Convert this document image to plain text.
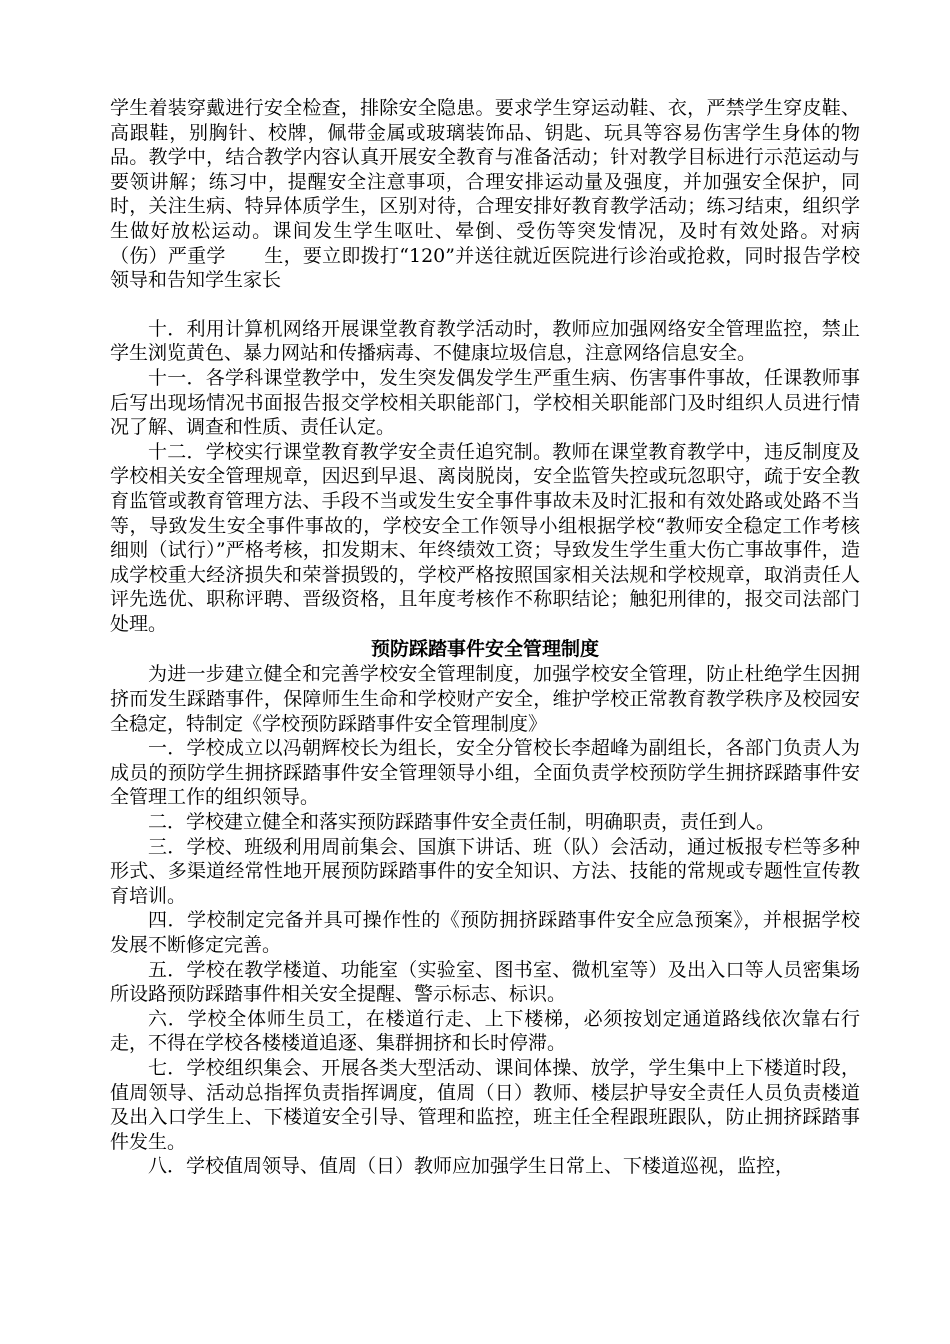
学生着装穿戴进行安全检查，排除安全隐患。要求学生穿运动鞋、衣，严禁学生穿皮鞋、高跟鞋，别胸针、校牌，佩带金属或玻璃装饰品、钥匙、玩具等容易伤害学生身体的物品。教学中，结合教学内容认真开展安全教育与准备活动；针对教学目标进行示范运动与要领讲解；练习中，提醒安全注意事项，合理安排运动量及强度，并加强安全保护，同时，关注生病、特异体质学生，区别对待，合理安排好教育教学活动；练习结束，组织学生做好放松运动。课间发生学生呕吐、晕倒、受伤等突发情况，及时有效处路。对病（伤）严重学　　生，要立即拨打“120”并送往就近医院进行诊治或抢救，同时报告学校领导和告知学生家长

十．利用计算机网络开展课堂教育教学活动时，教师应加强网络安全管理监控，禁止学生浏览黄色、暴力网站和传播病毒、不健康垃圾信息，注意网络信息安全。

十一．各学科课堂教学中，发生突发偶发学生严重生病、伤害事件事故，任课教师事后写出现场情况书面报告报交学校相关职能部门，学校相关职能部门及时组织人员进行情况了解、调查和性质、责任认定。

十二．学校实行课堂教育教学安全责任追究制。教师在课堂教育教学中，违反制度及学校相关安全管理规章，因迟到早退、离岗脱岗，安全监管失控或玩忽职守，疏于安全教育监管或教育管理方法、手段不当或发生安全事件事故未及时汇报和有效处路或处路不当等，导致发生安全事件事故的，学校安全工作领导小组根据学校“教师安全稳定工作考核细则（试行）”严格考核，扣发期末、年终绩效工资；导致发生学生重大伤亡事故事件，造成学校重大经济损失和荣誉损毁的，学校严格按照国家相关法规和学校规章，取消责任人评先选优、职称评聘、晋级资格，且年度考核作不称职结论；触犯刑律的，报交司法部门处理。

预防踩踏事件安全管理制度

为进一步建立健全和完善学校安全管理制度，加强学校安全管理，防止杜绝学生因拥挤而发生踩踏事件，保障师生生命和学校财产安全，维护学校正常教育教学秩序及校园安全稳定，特制定《学校预防踩踏事件安全管理制度》

一．学校成立以冯朝辉校长为组长，安全分管校长李超峰为副组长，各部门负责人为成员的预防学生拥挤踩踏事件安全管理领导小组，全面负责学校预防学生拥挤踩踏事件安全管理工作的组织领导。

二．学校建立健全和落实预防踩踏事件安全责任制，明确职责，责任到人。

三．学校、班级利用周前集会、国旗下讲话、班（队）会活动，通过板报专栏等多种形式、多渠道经常性地开展预防踩踏事件的安全知识、方法、技能的常规或专题性宣传教育培训。

四．学校制定完备并具可操作性的《预防拥挤踩踏事件安全应急预案》，并根据学校发展不断修定完善。

五．学校在教学楼道、功能室（实验室、图书室、微机室等）及出入口等人员密集场所设路预防踩踏事件相关安全提醒、警示标志、标识。

六．学校全体师生员工，在楼道行走、上下楼梯，必须按划定通道路线依次靠右行走，不得在学校各楼楼道追逐、集群拥挤和长时停滞。

七．学校组织集会、开展各类大型活动、课间体操、放学，学生集中上下楼道时段，值周领导、活动总指挥负责指挥调度，值周（日）教师、楼层护导安全责任人员负责楼道及出入口学生上、下楼道安全引导、管理和监控，班主任全程跟班跟队，防止拥挤踩踏事件发生。

八．学校值周领导、值周（日）教师应加强学生日常上、下楼道巡视，监控，
